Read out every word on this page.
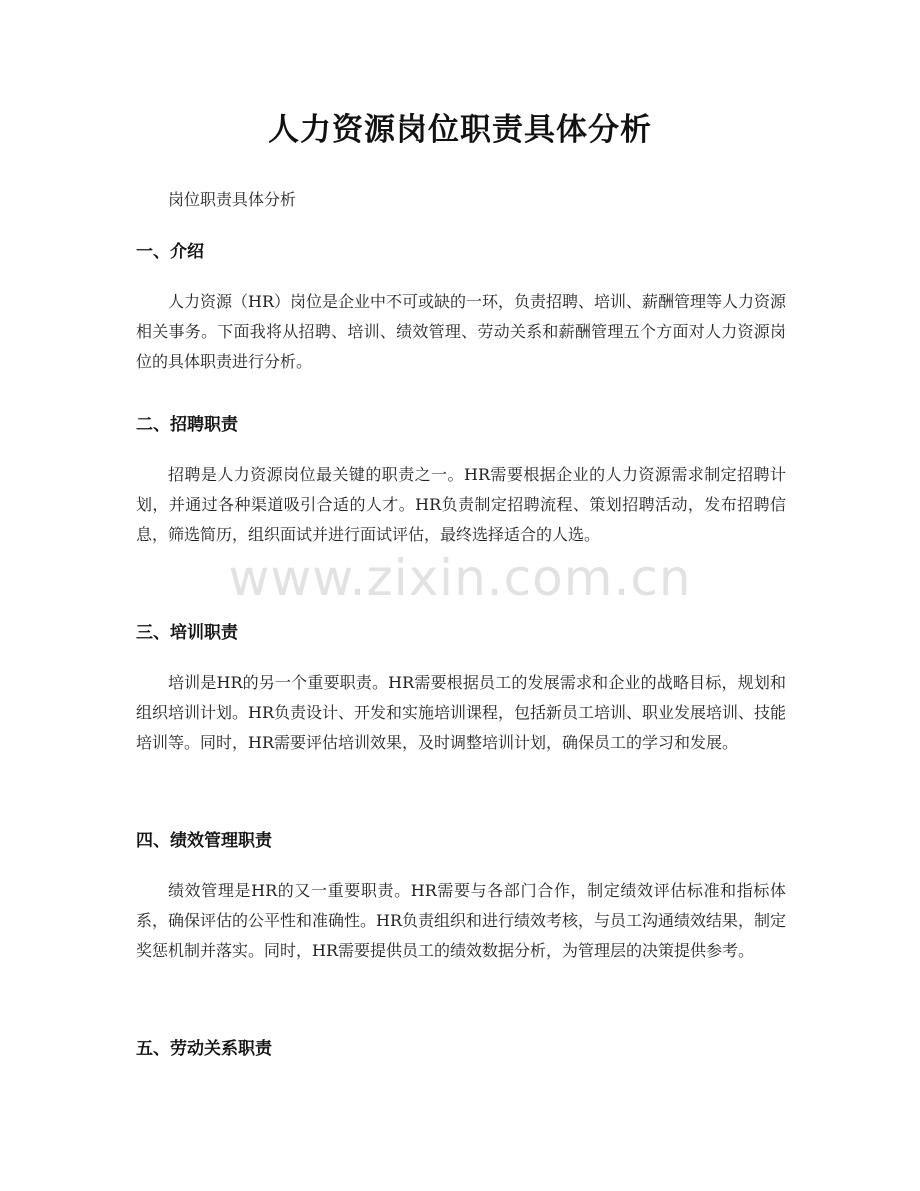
人力资源岗位职责具体分析
岗位职责具体分析
一、介绍

人力资源（HR）岗位是企业中不可或缺的一环，负责招聘、培训、薪酬管理等人力资源相关事务。下面我将从招聘、培训、绩效管理、劳动关系和薪酬管理五个方面对人力资源岗位的具体职责进行分析。

二、招聘职责

招聘是人力资源岗位最关键的职责之一。HR需要根据企业的人力资源需求制定招聘计划，并通过各种渠道吸引合适的人才。HR负责制定招聘流程、策划招聘活动，发布招聘信息，筛选简历，组织面试并进行面试评估，最终选择适合的人选。

三、培训职责

培训是HR的另一个重要职责。HR需要根据员工的发展需求和企业的战略目标，规划和组织培训计划。HR负责设计、开发和实施培训课程，包括新员工培训、职业发展培训、技能培训等。同时，HR需要评估培训效果，及时调整培训计划，确保员工的学习和发展。

四、绩效管理职责

绩效管理是HR的又一重要职责。HR需要与各部门合作，制定绩效评估标准和指标体系，确保评估的公平性和准确性。HR负责组织和进行绩效考核，与员工沟通绩效结果，制定奖惩机制并落实。同时，HR需要提供员工的绩效数据分析，为管理层的决策提供参考。

五、劳动关系职责
www.zixin.com.cn
